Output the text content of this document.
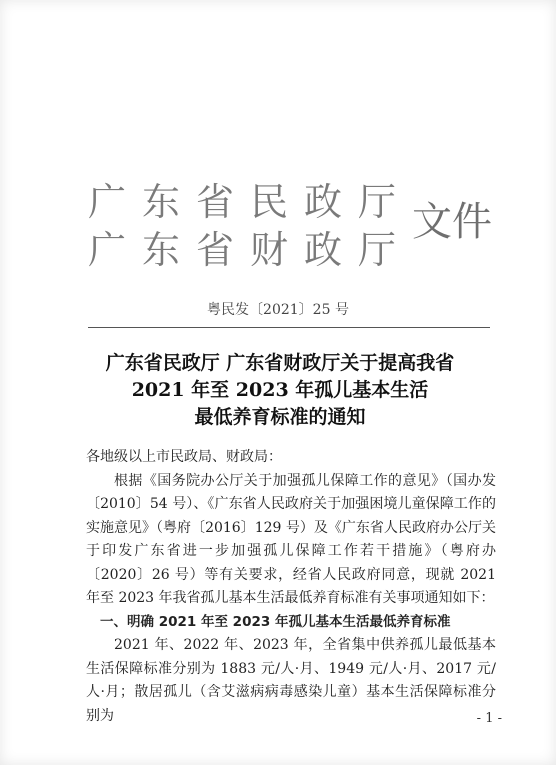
广 东 省 民 政 厅
广 东 省 财 政 厅
文件
粤民发〔2021〕25 号
广东省民政厅 广东省财政厅关于提高我省
2021 年至 2023 年孤儿基本生活
最低养育标准的通知

各地级以上市民政局、财政局：

根据《国务院办公厅关于加强孤儿保障工作的意见》（国办发〔2010〕54 号）、《广东省人民政府关于加强困境儿童保障工作的实施意见》（粤府〔2016〕129 号）及《广东省人民政府办公厅关于印发广东省进一步加强孤儿保障工作若干措施》（粤府办〔2020〕26 号）等有关要求，经省人民政府同意，现就 2021 年至 2023 年我省孤儿基本生活最低养育标准有关事项通知如下：

一、明确 2021 年至 2023 年孤儿基本生活最低养育标准

2021 年、2022 年、2023 年，全省集中供养孤儿最低基本生活保障标准分别为 1883 元/人·月、1949 元/人·月、2017 元/人·月；散居孤儿（含艾滋病病毒感染儿童）基本生活保障标准分别为	- 1 -
